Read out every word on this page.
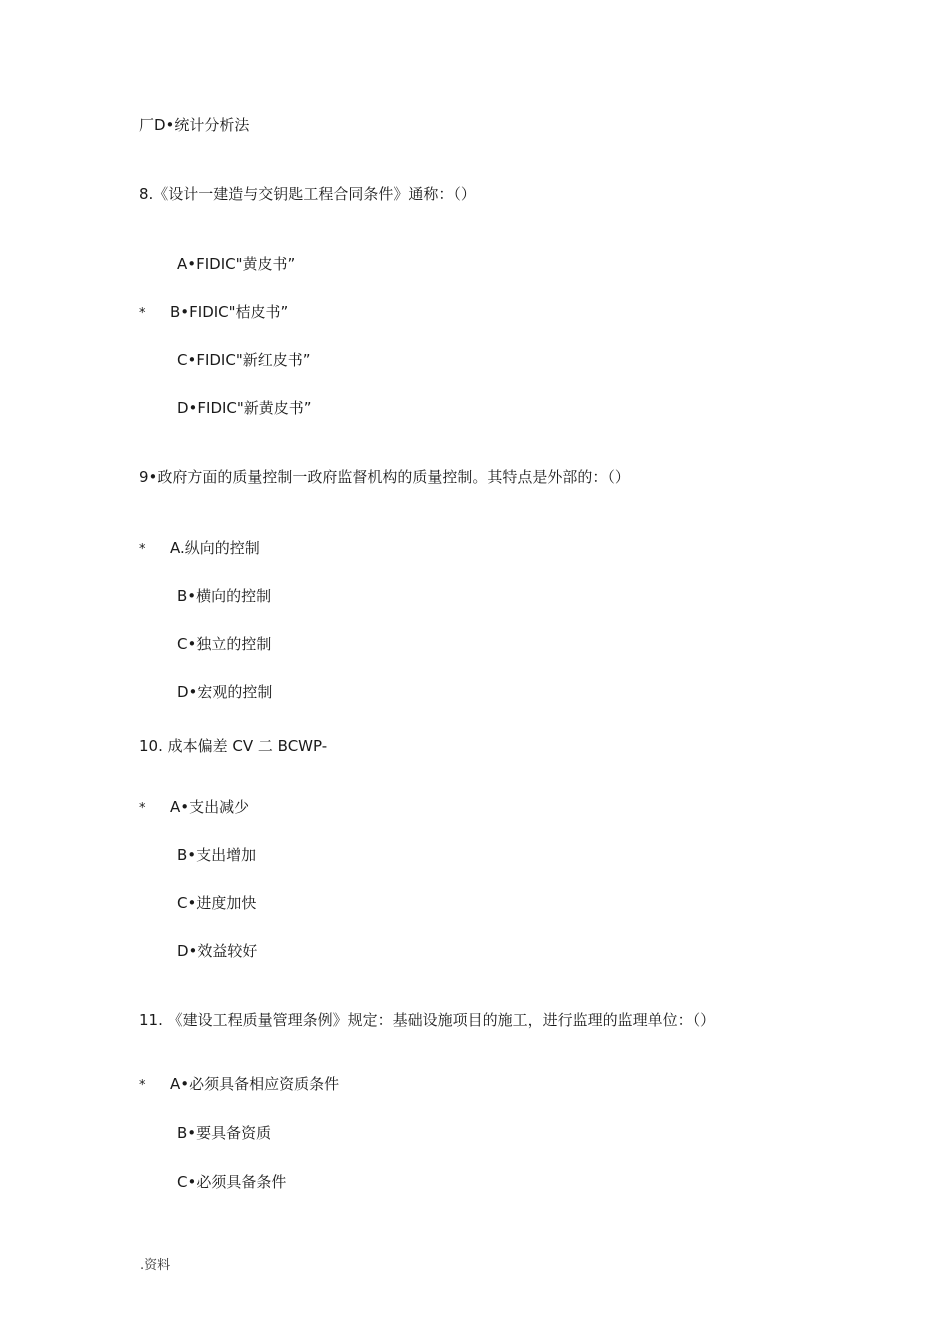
厂D•统计分析法
8.《设计一建造与交钥匙工程合同条件》通称：（）
A•FIDIC"黄皮书”
* B•FIDIC"桔皮书”
C•FIDIC"新红皮书”
D•FIDIC"新黄皮书”
9•政府方面的质量控制一政府监督机构的质量控制。其特点是外部的：（）
* A.纵向的控制
B•横向的控制
C•独立的控制
D•宏观的控制
10. 成本偏差 CV 二 BCWP-
* A•支出减少
B•支出增加
C•进度加快
D•效益较好
11. 《建设工程质量管理条例》规定：基础设施项目的施工，进行监理的监理单位：（）
* A•必须具备相应资质条件
B•要具备资质
C•必须具备条件
.资料
